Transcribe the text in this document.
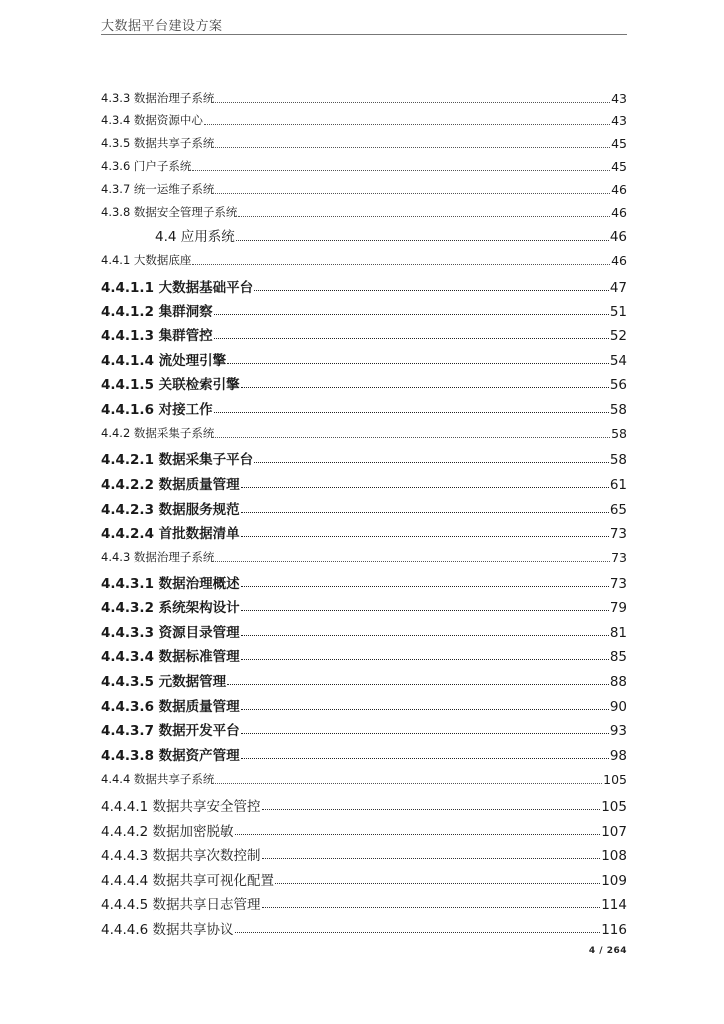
大数据平台建设方案
4.3.3 数据治理子系统	43
4.3.4 数据资源中心	43
4.3.5 数据共享子系统	45
4.3.6 门户子系统	45
4.3.7 统一运维子系统	46
4.3.8 数据安全管理子系统	46
4.4 应用系统	46
4.4.1 大数据底座	46
4.4.1.1 大数据基础平台	47
4.4.1.2 集群洞察	51
4.4.1.3 集群管控	52
4.4.1.4 流处理引擎	54
4.4.1.5 关联检索引擎	56
4.4.1.6 对接工作	58
4.4.2 数据采集子系统	58
4.4.2.1 数据采集子平台	58
4.4.2.2 数据质量管理	61
4.4.2.3 数据服务规范	65
4.4.2.4 首批数据清单	73
4.4.3 数据治理子系统	73
4.4.3.1 数据治理概述	73
4.4.3.2 系统架构设计	79
4.4.3.3 资源目录管理	81
4.4.3.4 数据标准管理	85
4.4.3.5 元数据管理	88
4.4.3.6 数据质量管理	90
4.4.3.7 数据开发平台	93
4.4.3.8 数据资产管理	98
4.4.4 数据共享子系统	105
4.4.4.1 数据共享安全管控	105
4.4.4.2 数据加密脱敏	107
4.4.4.3 数据共享次数控制	108
4.4.4.4 数据共享可视化配置	109
4.4.4.5 数据共享日志管理	114
4.4.4.6 数据共享协议	116
4 / 264
